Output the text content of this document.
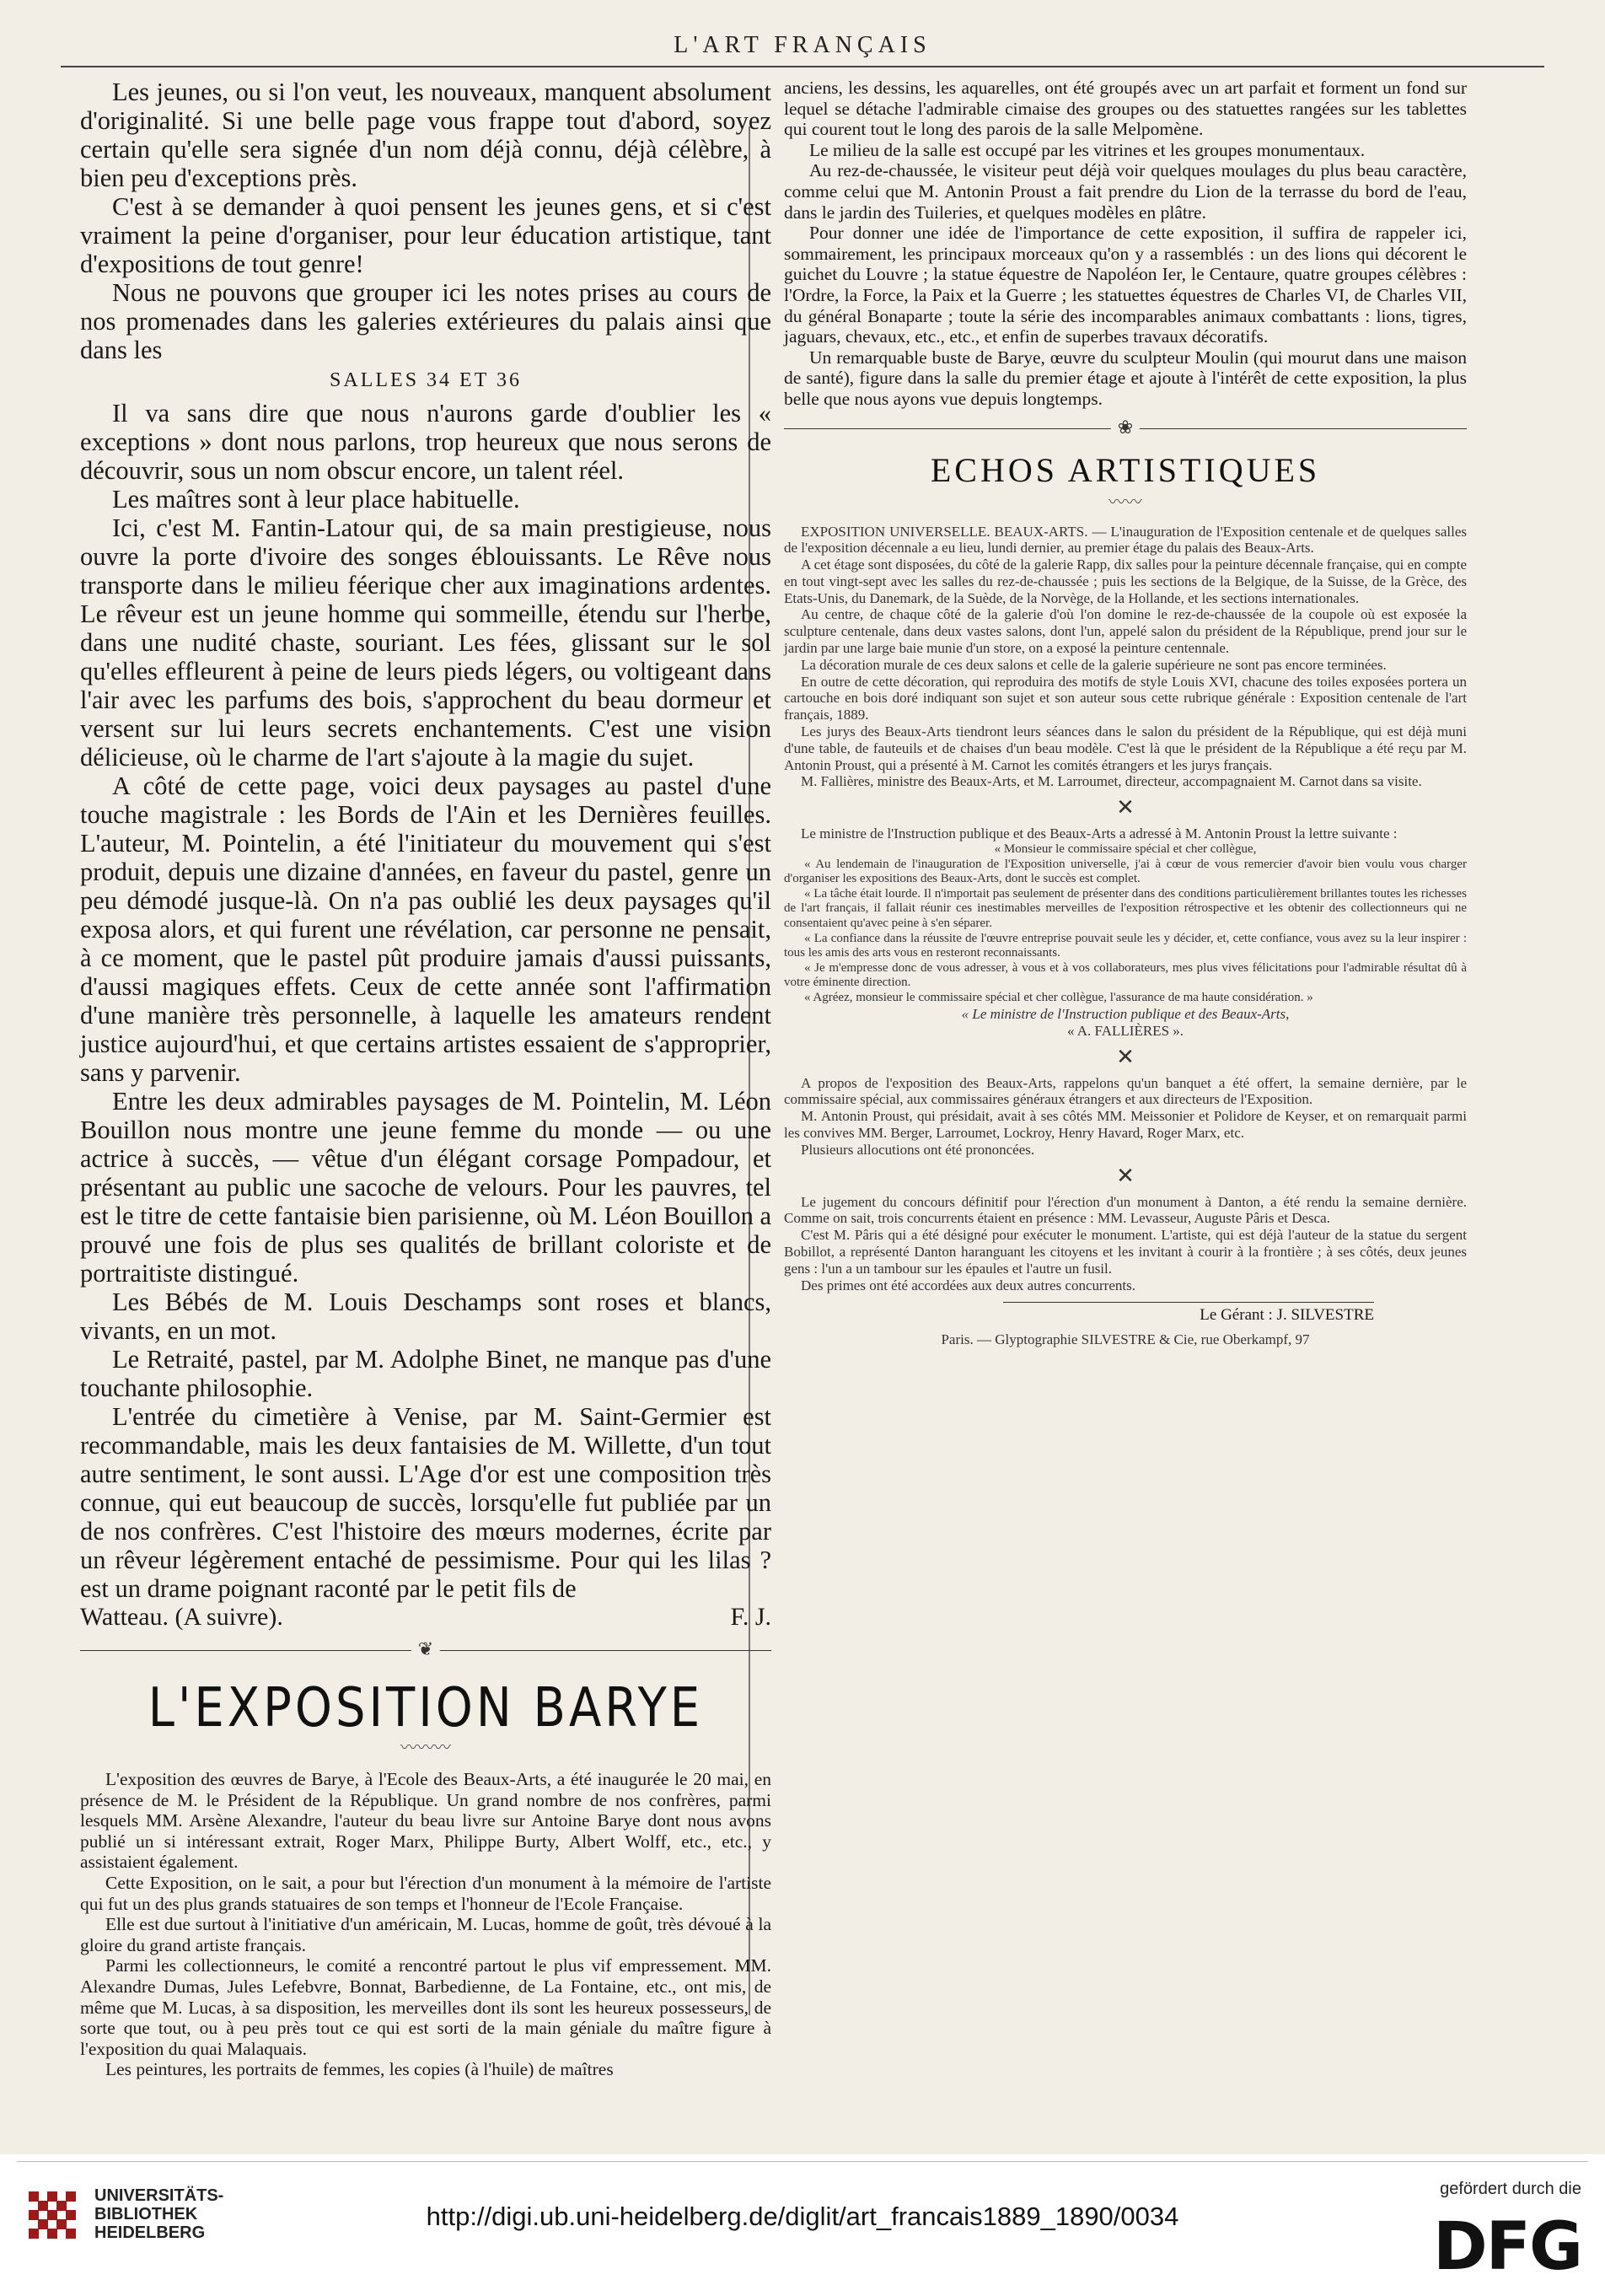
L'ART FRANÇAIS

Les jeunes, ou si l'on veut, les nouveaux, manquent absolument d'originalité. Si une belle page vous frappe tout d'abord, soyez certain qu'elle sera signée d'un nom déjà connu, déjà célèbre, à bien peu d'exceptions près.

C'est à se demander à quoi pensent les jeunes gens, et si c'est vraiment la peine d'organiser, pour leur éducation artistique, tant d'expositions de tout genre!

Nous ne pouvons que grouper ici les notes prises au cours de nos promenades dans les galeries extérieures du palais ainsi que dans les

SALLES 34 ET 36

Il va sans dire que nous n'aurons garde d'oublier les « exceptions » dont nous parlons, trop heureux que nous serons de découvrir, sous un nom obscur encore, un talent réel.

Les maîtres sont à leur place habituelle.

Ici, c'est M. Fantin-Latour qui, de sa main prestigieuse, nous ouvre la porte d'ivoire des songes éblouissants. Le Rêve nous transporte dans le milieu féerique cher aux imaginations ardentes. Le rêveur est un jeune homme qui sommeille, étendu sur l'herbe, dans une nudité chaste, souriant. Les fées, glissant sur le sol qu'elles effleurent à peine de leurs pieds légers, ou voltigeant dans l'air avec les parfums des bois, s'approchent du beau dormeur et versent sur lui leurs secrets enchantements. C'est une vision délicieuse, où le charme de l'art s'ajoute à la magie du sujet.

A côté de cette page, voici deux paysages au pastel d'une touche magistrale : les Bords de l'Ain et les Dernières feuilles. L'auteur, M. Pointelin, a été l'initiateur du mouvement qui s'est produit, depuis une dizaine d'années, en faveur du pastel, genre un peu démodé jusque-là. On n'a pas oublié les deux paysages qu'il exposa alors, et qui furent une révélation, car personne ne pensait, à ce moment, que le pastel pût produire jamais d'aussi puissants, d'aussi magiques effets. Ceux de cette année sont l'affirmation d'une manière très personnelle, à laquelle les amateurs rendent justice aujourd'hui, et que certains artistes essaient de s'approprier, sans y parvenir.

Entre les deux admirables paysages de M. Pointelin, M. Léon Bouillon nous montre une jeune femme du monde — ou une actrice à succès, — vêtue d'un élégant corsage Pompadour, et présentant au public une sacoche de velours. Pour les pauvres, tel est le titre de cette fantaisie bien parisienne, où M. Léon Bouillon a prouvé une fois de plus ses qualités de brillant coloriste et de portraitiste distingué.

Les Bébés de M. Louis Deschamps sont roses et blancs, vivants, en un mot.

Le Retraité, pastel, par M. Adolphe Binet, ne manque pas d'une touchante philosophie.

L'entrée du cimetière à Venise, par M. Saint-Germier est recommandable, mais les deux fantaisies de M. Willette, d'un tout autre sentiment, le sont aussi. L'Age d'or est une composition très connue, qui eut beaucoup de succès, lorsqu'elle fut publiée par un de nos confrères. C'est l'histoire des mœurs modernes, écrite par un rêveur légèrement entaché de pessimisme. Pour qui les lilas ? est un drame poignant raconté par le petit fils de

Watteau. (A suivre).	F. J.
❦
L'EXPOSITION BARYE
〰〰〰

L'exposition des œuvres de Barye, à l'Ecole des Beaux-Arts, a été inaugurée le 20 mai, en présence de M. le Président de la République. Un grand nombre de nos confrères, parmi lesquels MM. Arsène Alexandre, l'auteur du beau livre sur Antoine Barye dont nous avons publié un si intéressant extrait, Roger Marx, Philippe Burty, Albert Wolff, etc., etc., y assistaient également.

Cette Exposition, on le sait, a pour but l'érection d'un monument à la mémoire de l'artiste qui fut un des plus grands statuaires de son temps et l'honneur de l'Ecole Française.

Elle est due surtout à l'initiative d'un américain, M. Lucas, homme de goût, très dévoué à la gloire du grand artiste français.

Parmi les collectionneurs, le comité a rencontré partout le plus vif empressement. MM. Alexandre Dumas, Jules Lefebvre, Bonnat, Barbedienne, de La Fontaine, etc., ont mis, de même que M. Lucas, à sa disposition, les merveilles dont ils sont les heureux possesseurs, de sorte que tout, ou à peu près tout ce qui est sorti de la main géniale du maître figure à l'exposition du quai Malaquais.

Les peintures, les portraits de femmes, les copies (à l'huile) de maîtres

anciens, les dessins, les aquarelles, ont été groupés avec un art parfait et forment un fond sur lequel se détache l'admirable cimaise des groupes ou des statuettes rangées sur les tablettes qui courent tout le long des parois de la salle Melpomène.

Le milieu de la salle est occupé par les vitrines et les groupes monumentaux.

Au rez-de-chaussée, le visiteur peut déjà voir quelques moulages du plus beau caractère, comme celui que M. Antonin Proust a fait prendre du Lion de la terrasse du bord de l'eau, dans le jardin des Tuileries, et quelques modèles en plâtre.

Pour donner une idée de l'importance de cette exposition, il suffira de rappeler ici, sommairement, les principaux morceaux qu'on y a rassemblés : un des lions qui décorent le guichet du Louvre ; la statue équestre de Napoléon Ier, le Centaure, quatre groupes célèbres : l'Ordre, la Force, la Paix et la Guerre ; les statuettes équestres de Charles VI, de Charles VII, du général Bonaparte ; toute la série des incomparables animaux combattants : lions, tigres, jaguars, chevaux, etc., etc., et enfin de superbes travaux décoratifs.

Un remarquable buste de Barye, œuvre du sculpteur Moulin (qui mourut dans une maison de santé), figure dans la salle du premier étage et ajoute à l'intérêt de cette exposition, la plus belle que nous ayons vue depuis longtemps.

❀
ECHOS ARTISTIQUES
〰〰

EXPOSITION UNIVERSELLE. BEAUX-ARTS. — L'inauguration de l'Exposition centenale et de quelques salles de l'exposition décennale a eu lieu, lundi dernier, au premier étage du palais des Beaux-Arts.

A cet étage sont disposées, du côté de la galerie Rapp, dix salles pour la peinture décennale française, qui en compte en tout vingt-sept avec les salles du rez-de-chaussée ; puis les sections de la Belgique, de la Suisse, de la Grèce, des Etats-Unis, du Danemark, de la Suède, de la Norvège, de la Hollande, et les sections internationales.

Au centre, de chaque côté de la galerie d'où l'on domine le rez-de-chaussée de la coupole où est exposée la sculpture centenale, dans deux vastes salons, dont l'un, appelé salon du président de la République, prend jour sur le jardin par une large baie munie d'un store, on a exposé la peinture centennale.

La décoration murale de ces deux salons et celle de la galerie supérieure ne sont pas encore terminées.

En outre de cette décoration, qui reproduira des motifs de style Louis XVI, chacune des toiles exposées portera un cartouche en bois doré indiquant son sujet et son auteur sous cette rubrique générale : Exposition centenale de l'art français, 1889.

Les jurys des Beaux-Arts tiendront leurs séances dans le salon du président de la République, qui est déjà muni d'une table, de fauteuils et de chaises d'un beau modèle. C'est là que le président de la République a été reçu par M. Antonin Proust, qui a présenté à M. Carnot les comités étrangers et les jurys français.

M. Fallières, ministre des Beaux-Arts, et M. Larroumet, directeur, accompagnaient M. Carnot dans sa visite.

✕

Le ministre de l'Instruction publique et des Beaux-Arts a adressé à M. Antonin Proust la lettre suivante :

« Monsieur le commissaire spécial et cher collègue,

« Au lendemain de l'inauguration de l'Exposition universelle, j'ai à cœur de vous remercier d'avoir bien voulu vous charger d'organiser les expositions des Beaux-Arts, dont le succès est complet.

« La tâche était lourde. Il n'importait pas seulement de présenter dans des conditions particulièrement brillantes toutes les richesses de l'art français, il fallait réunir ces inestimables merveilles de l'exposition rétrospective et les obtenir des collectionneurs qui ne consentaient qu'avec peine à s'en séparer.

« La confiance dans la réussite de l'œuvre entreprise pouvait seule les y décider, et, cette confiance, vous avez su la leur inspirer : tous les amis des arts vous en resteront reconnaissants.

« Je m'empresse donc de vous adresser, à vous et à vos collaborateurs, mes plus vives félicitations pour l'admirable résultat dû à votre éminente direction.

« Agréez, monsieur le commissaire spécial et cher collègue, l'assurance de ma haute considération. »

« Le ministre de l'Instruction publique et des Beaux-Arts,
« A. FALLIÈRES ».
✕

A propos de l'exposition des Beaux-Arts, rappelons qu'un banquet a été offert, la semaine dernière, par le commissaire spécial, aux commissaires généraux étrangers et aux directeurs de l'Exposition.

M. Antonin Proust, qui présidait, avait à ses côtés MM. Meissonier et Polidore de Keyser, et on remarquait parmi les convives MM. Berger, Larroumet, Lockroy, Henry Havard, Roger Marx, etc.

Plusieurs allocutions ont été prononcées.

✕

Le jugement du concours définitif pour l'érection d'un monument à Danton, a été rendu la semaine dernière. Comme on sait, trois concurrents étaient en présence : MM. Levasseur, Auguste Pâris et Desca.

C'est M. Pâris qui a été désigné pour exécuter le monument. L'artiste, qui est déjà l'auteur de la statue du sergent Bobillot, a représenté Danton haranguant les citoyens et les invitant à courir à la frontière ; à ses côtés, deux jeunes gens : l'un a un tambour sur les épaules et l'autre un fusil.

Des primes ont été accordées aux deux autres concurrents.

Le Gérant : J. SILVESTRE
Paris. — Glyptographie SILVESTRE & Cie, rue Oberkampf, 97
UNIVERSITÄTS-
BIBLIOTHEK
HEIDELBERG
http://digi.ub.uni-heidelberg.de/diglit/art_francais1889_1890/0034
gefördert durch die
DFG
